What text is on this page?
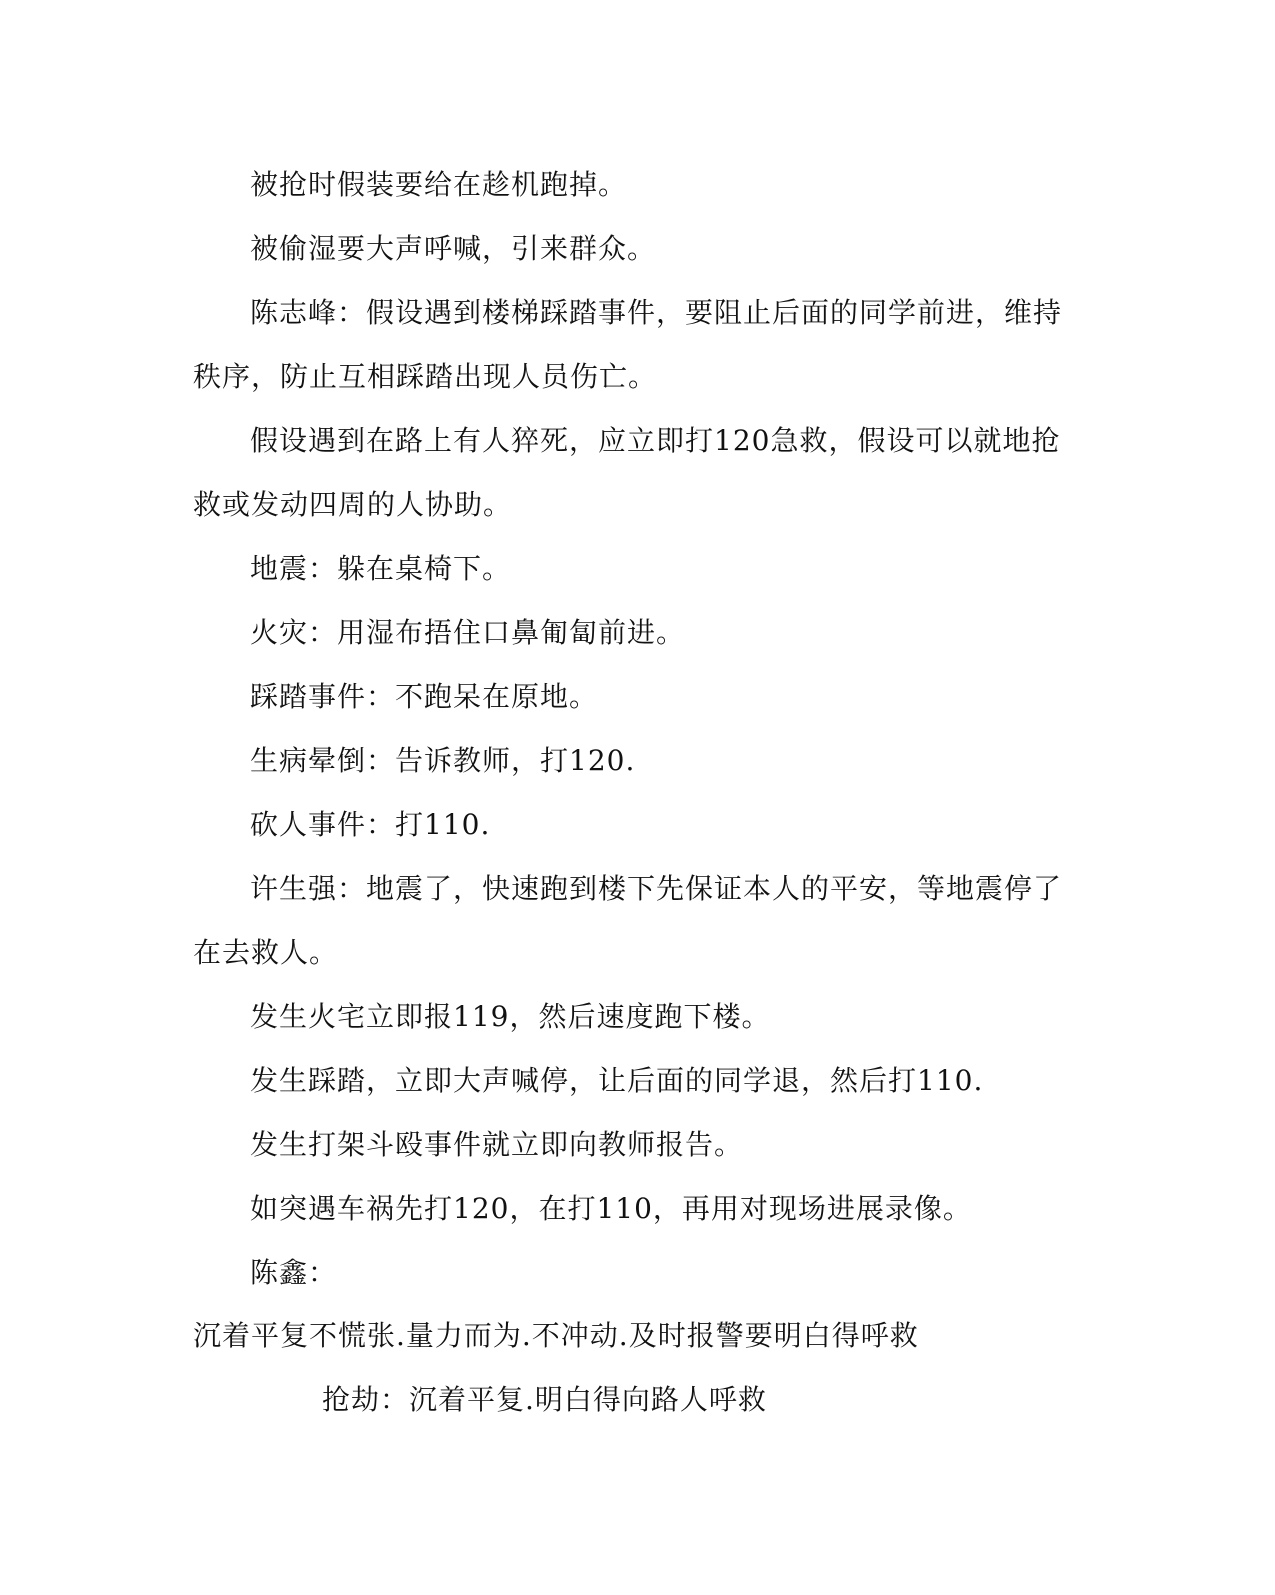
被抢时假装要给在趁机跑掉。

被偷湿要大声呼喊，引来群众。

陈志峰：假设遇到楼梯踩踏事件，要阻止后面的同学前进，维持

秩序，防止互相踩踏出现人员伤亡。

假设遇到在路上有人猝死，应立即打120急救，假设可以就地抢

救或发动四周的人协助。

地震：躲在桌椅下。

火灾：用湿布捂住口鼻匍匐前进。

踩踏事件：不跑呆在原地。

生病晕倒：告诉教师，打120.

砍人事件：打110.

许生强：地震了，快速跑到楼下先保证本人的平安，等地震停了

在去救人。

发生火宅立即报119，然后速度跑下楼。

发生踩踏，立即大声喊停，让后面的同学退，然后打110.

发生打架斗殴事件就立即向教师报告。

如突遇车祸先打120，在打110，再用对现场进展录像。

陈鑫：

沉着平复不慌张.量力而为.不冲动.及时报警要明白得呼救

抢劫：沉着平复.明白得向路人呼救
